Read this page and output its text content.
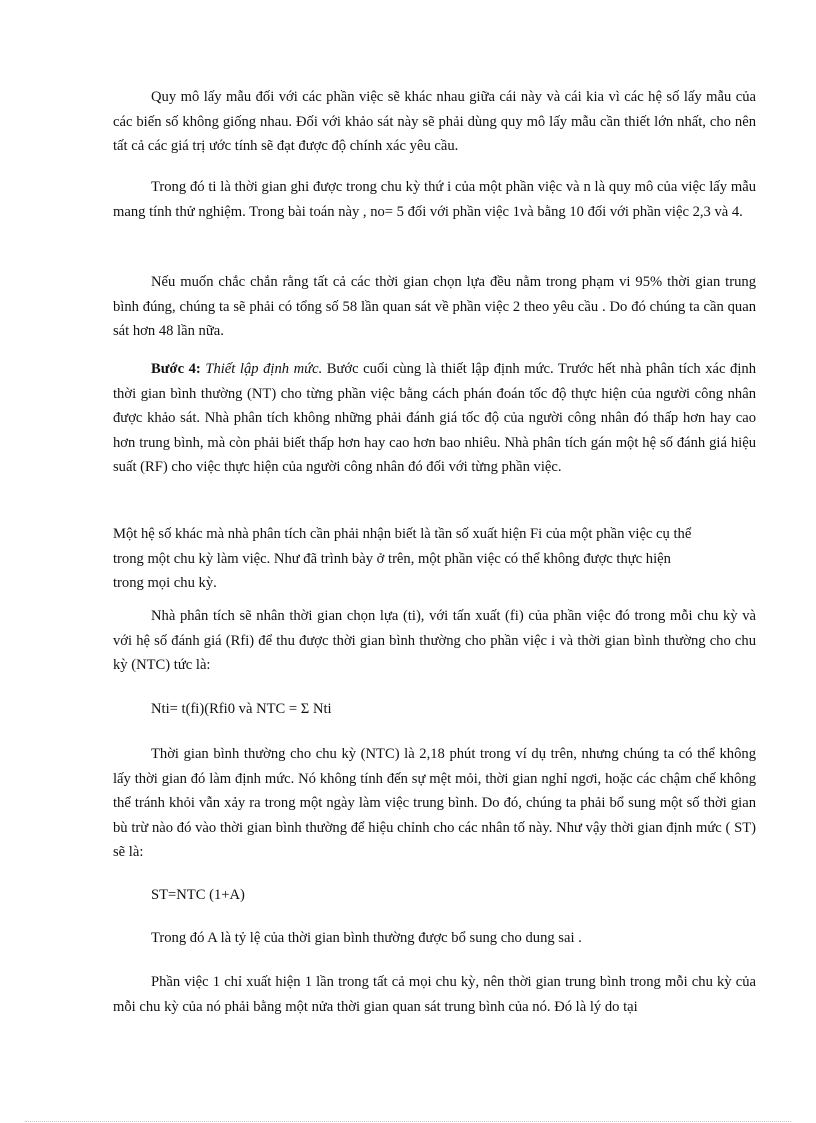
Quy mô lấy mẫu đối với các phần việc sẽ khác nhau giữa cái này và cái kia vì các hệ số lấy mẫu của các biến số không giống nhau. Đối với khảo sát này sẽ phải dùng quy mô lấy mẫu cần thiết lớn nhất, cho nên tất cả các giá trị ước tính sẽ đạt được độ chính xác yêu cầu.

Trong đó ti là thời gian ghi được trong chu kỳ thứ i của một phần việc và n là quy mô của việc lấy mẫu mang tính thử nghiệm. Trong bài toán này , no= 5 đối với phần việc 1và bằng 10 đối với phần việc 2,3 và 4.

Nếu muốn chắc chắn rằng tất cả các thời gian chọn lựa đều nằm trong phạm vi 95% thời gian trung bình đúng, chúng ta sẽ phải có tổng số 58 lần quan sát về phần việc 2 theo yêu cầu . Do đó chúng ta cần quan sát hơn 48 lần nữa.

Bước 4: Thiết lập định mức. Bước cuối cùng là thiết lập định mức. Trước hết nhà phân tích xác định thời gian bình thường (NT) cho từng phần việc bằng cách phán đoán tốc độ thực hiện của người công nhân được khảo sát. Nhà phân tích không những phải đánh giá tốc độ của người công nhân đó thấp hơn hay cao hơn trung bình, mà còn phải biết thấp hơn hay cao hơn bao nhiêu. Nhà phân tích gán một hệ số đánh giá hiệu suất (RF) cho việc thực hiện của người công nhân đó đối với từng phần việc.

Một hệ số khác mà nhà phân tích cần phải nhận biết là tần số xuất hiện Fi của một phần việc cụ thể
trong một chu kỳ làm việc. Như đã trình bày ở trên, một phần việc có thể không được thực hiện
trong mọi chu kỳ.

Nhà phân tích sẽ nhân thời gian chọn lựa (ti), với tấn xuất (fi) của phần việc đó trong mỗi chu kỳ và với hệ số đánh giá (Rfi) để thu được thời gian bình thường cho phần việc i và thời gian bình thường cho chu kỳ (NTC) tức là:

Nti= t(fi)(Rfi0 và NTC = Σ Nti

Thời gian bình thường cho chu kỳ (NTC) là 2,18 phút trong ví dụ trên, nhưng chúng ta có thể không lấy thời gian đó làm định mức. Nó không tính đến sự mệt mỏi, thời gian nghỉ ngơi, hoặc các chậm chế không thể tránh khỏi vẫn xảy ra trong một ngày làm việc trung bình. Do đó, chúng ta phải bổ sung một số thời gian bù trừ nào đó vào thời gian bình thường để hiệu chỉnh cho các nhân tố này. Như vậy thời gian định mức ( ST) sẽ là:

ST=NTC (1+A)

Trong đó A là tỷ lệ của thời gian bình thường được bổ sung cho dung sai .

Phần việc 1 chỉ xuất hiện 1 lần trong tất cả mọi chu kỳ, nên thời gian trung bình trong mỗi chu kỳ của mỗi chu kỳ của nó phải bằng một nửa thời gian quan sát trung bình của nó. Đó là lý do tại
